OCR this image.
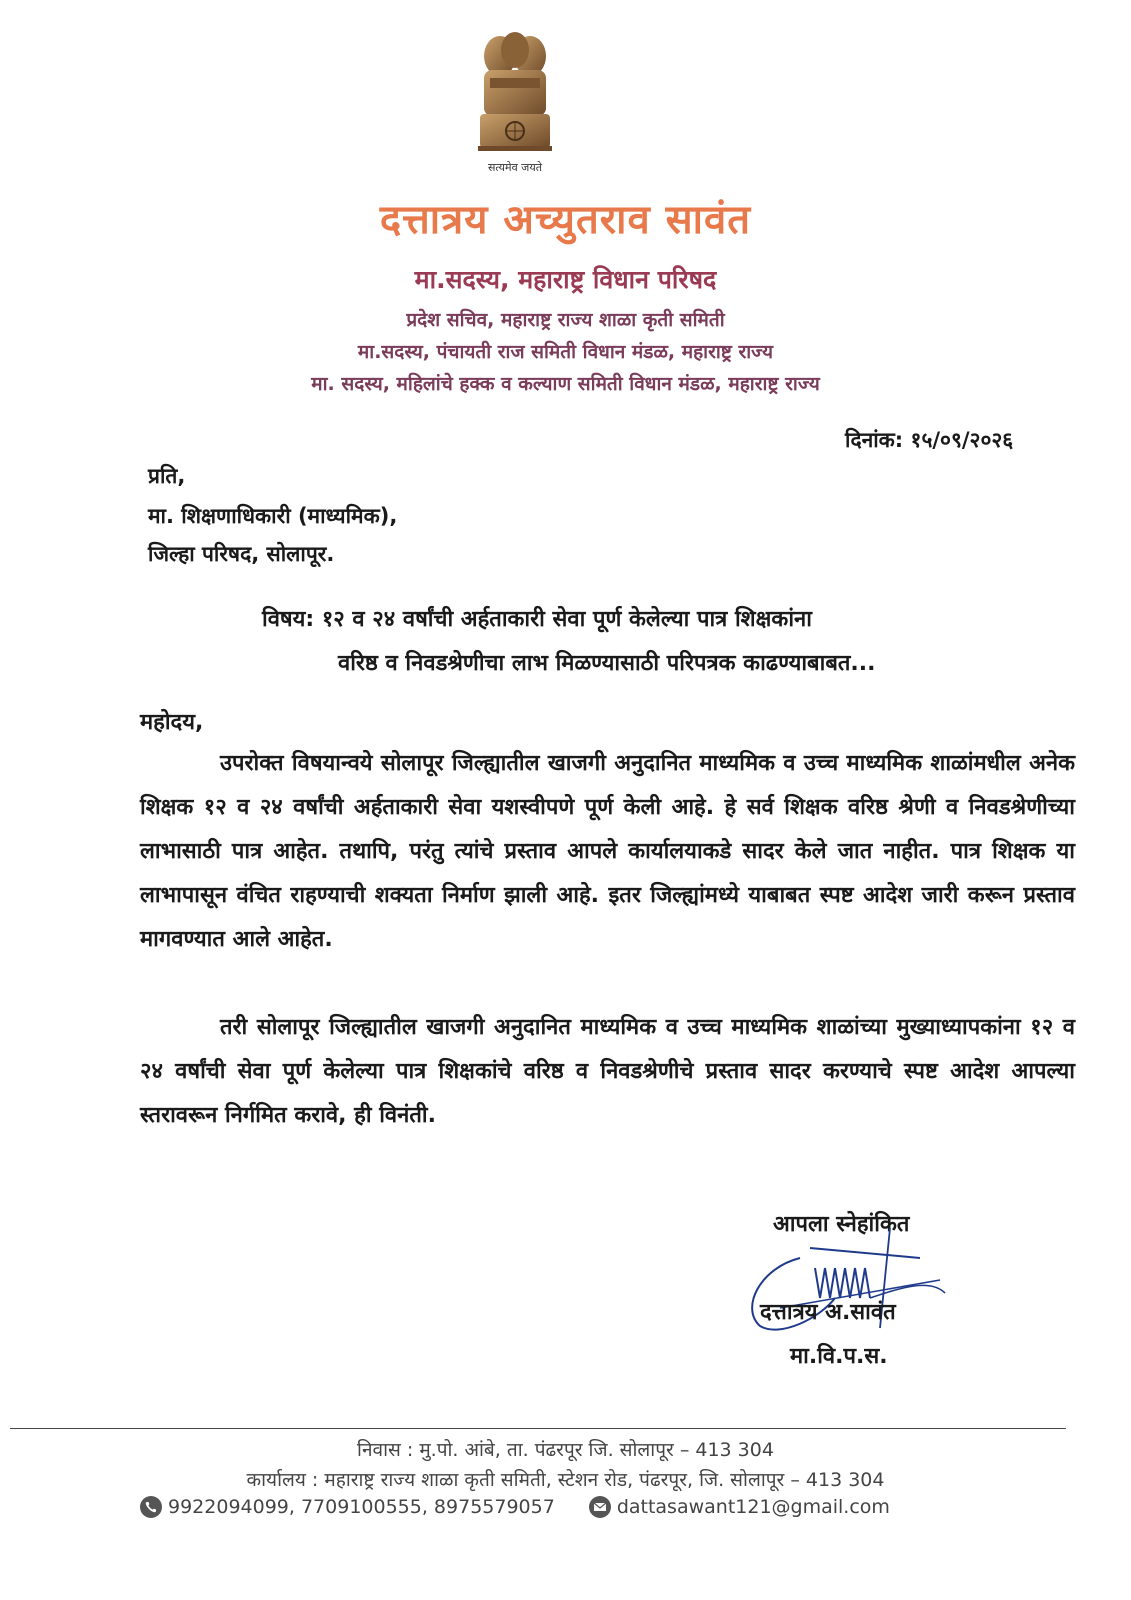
सत्यमेव जयते
दत्तात्रय अच्युतराव सावंत
मा.सदस्य, महाराष्ट्र विधान परिषद
प्रदेश सचिव, महाराष्ट्र राज्य शाळा कृती समिती
मा.सदस्य, पंचायती राज समिती विधान मंडळ, महाराष्ट्र राज्य
मा. सदस्य, महिलांचे हक्क व कल्याण समिती विधान मंडळ, महाराष्ट्र राज्य
दिनांक: १५/०९/२०२६
प्रति,
मा. शिक्षणाधिकारी (माध्यमिक),
जिल्हा परिषद, सोलापूर.
विषय: १२ व २४ वर्षांची अर्हताकारी सेवा पूर्ण केलेल्या पात्र शिक्षकांना
वरिष्ठ व निवडश्रेणीचा लाभ मिळण्यासाठी परिपत्रक काढण्याबाबत...
महोदय,

उपरोक्त विषयान्वये सोलापूर जिल्ह्यातील खाजगी अनुदानित माध्यमिक व उच्च माध्यमिक शाळांमधील अनेक शिक्षक १२ व २४ वर्षांची अर्हताकारी सेवा यशस्वीपणे पूर्ण केली आहे. हे सर्व शिक्षक वरिष्ठ श्रेणी व निवडश्रेणीच्या लाभासाठी पात्र आहेत. तथापि, परंतु त्यांचे प्रस्ताव आपले कार्यालयाकडे सादर केले जात नाहीत. पात्र शिक्षक या लाभापासून वंचित राहण्याची शक्यता निर्माण झाली आहे. इतर जिल्ह्यांमध्ये याबाबत स्पष्ट आदेश जारी करून प्रस्ताव मागवण्यात आले आहेत.

तरी सोलापूर जिल्ह्यातील खाजगी अनुदानित माध्यमिक व उच्च माध्यमिक शाळांच्या मुख्याध्यापकांना १२ व २४ वर्षांची सेवा पूर्ण केलेल्या पात्र शिक्षकांचे वरिष्ठ व निवडश्रेणीचे प्रस्ताव सादर करण्याचे स्पष्ट आदेश आपल्या स्तरावरून निर्गमित करावे, ही विनंती.

आपला स्नेहांकित
दत्तात्रय अ.सावंत
मा.वि.प.स.
निवास : मु.पो. आंबे, ता. पंढरपूर जि. सोलापूर – 413 304
कार्यालय : महाराष्ट्र राज्य शाळा कृती समिती, स्टेशन रोड, पंढरपूर, जि. सोलापूर – 413 304
9922094099, 7709100555, 8975579057	dattasawant121@gmail.com
